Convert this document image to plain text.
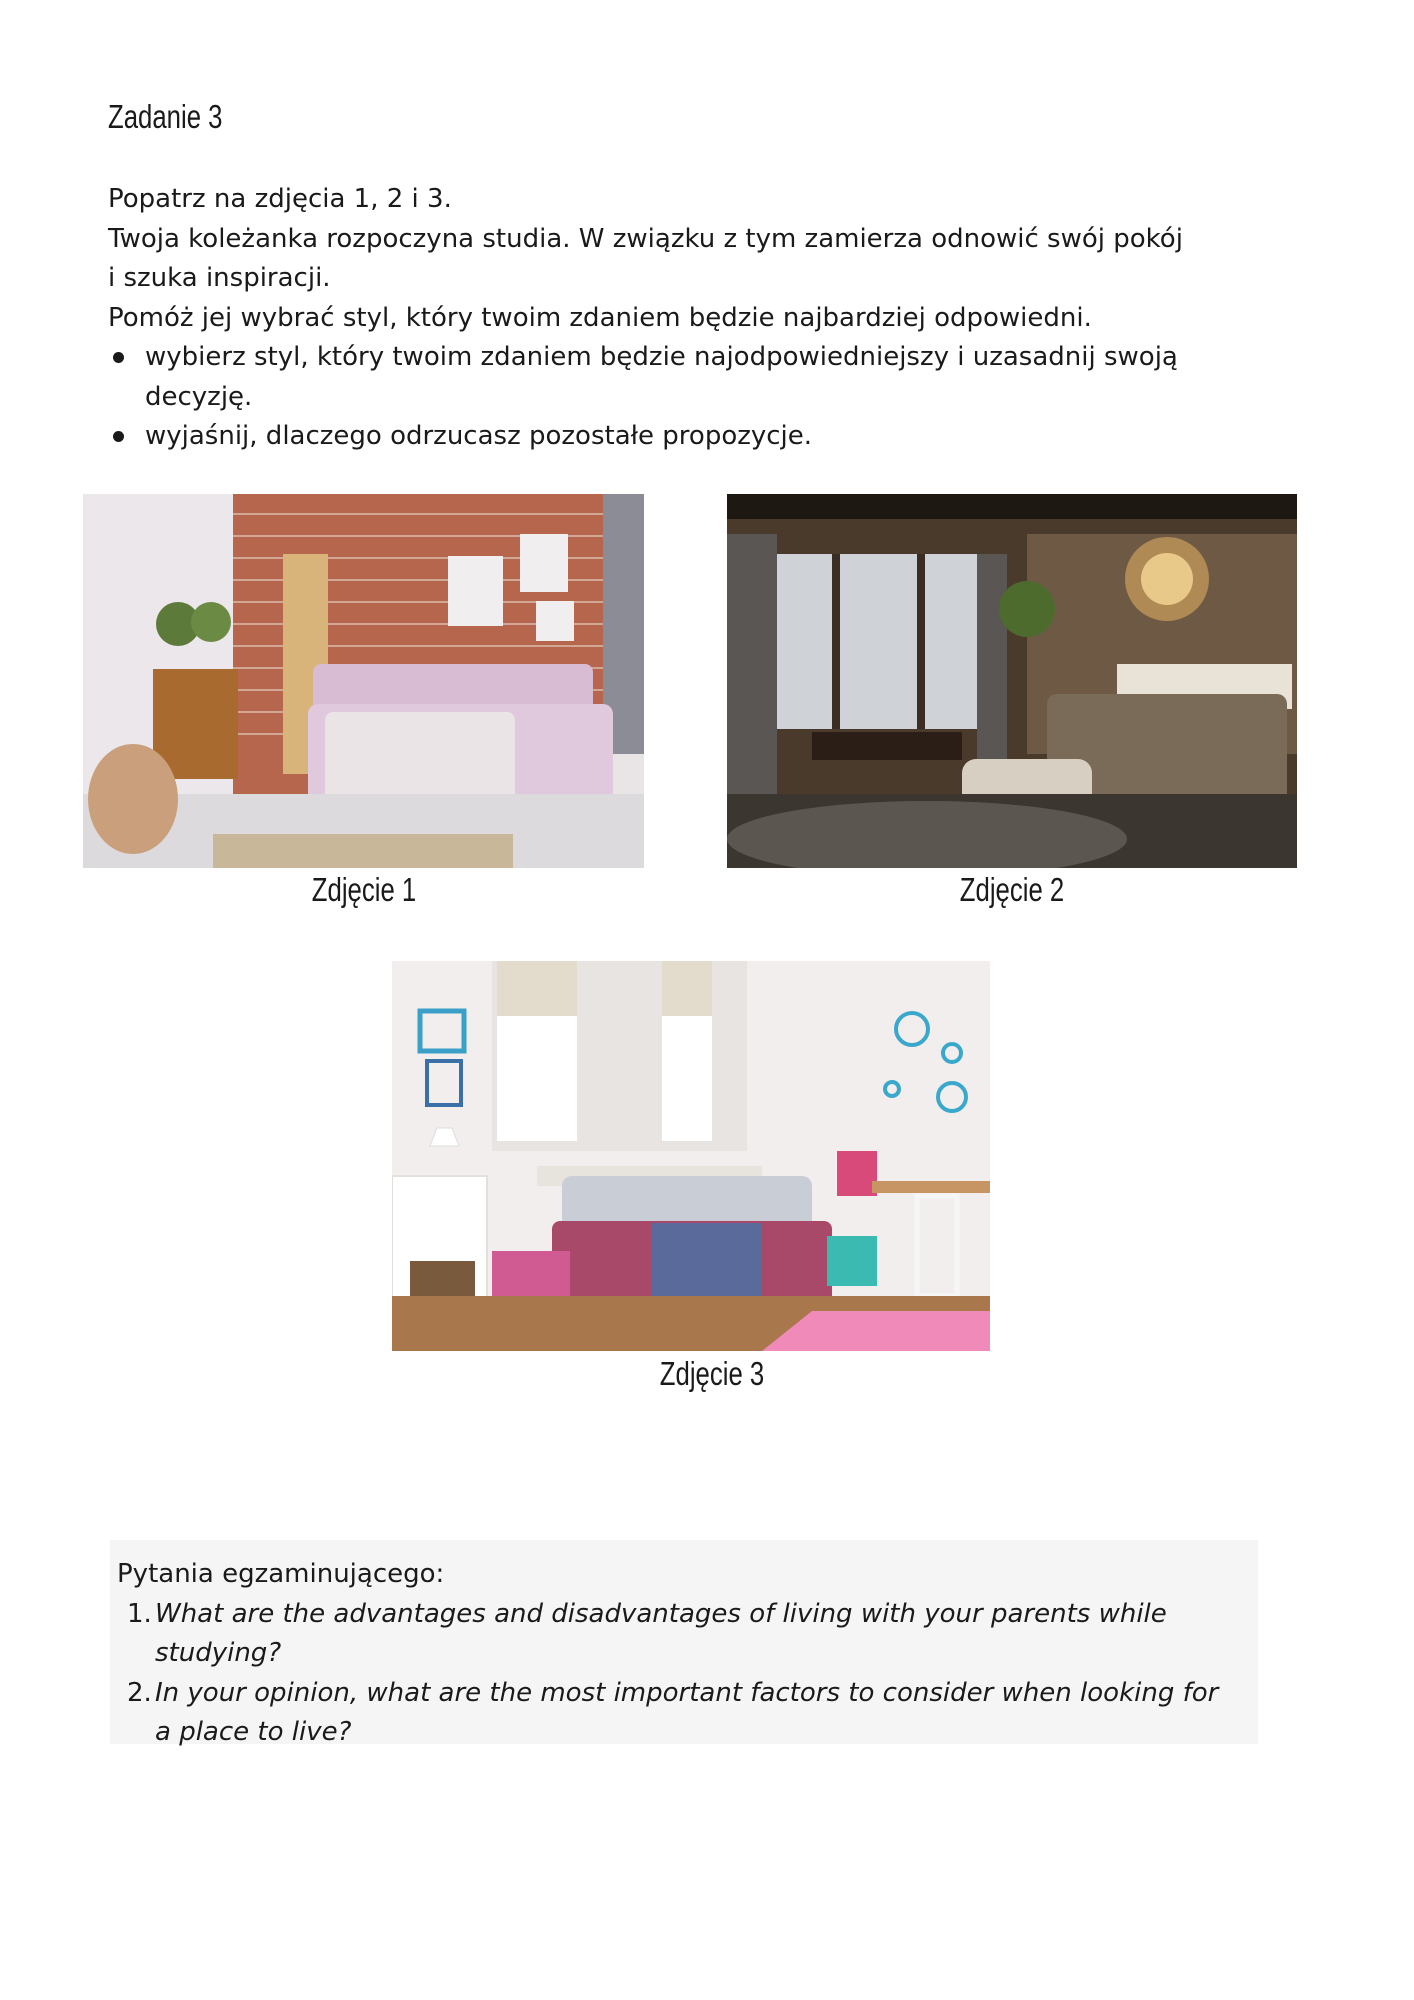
Zadanie 3

Popatrz na zdjęcia 1, 2 i 3.

Twoja koleżanka rozpoczyna studia. W związku z tym zamierza odnowić swój pokój

i szuka inspiracji.

Pomóż jej wybrać styl, który twoim zdaniem będzie najbardziej odpowiedni.

wybierz styl, który twoim zdaniem będzie najodpowiedniejszy i uzasadnij swoją decyzję.
wyjaśnij, dlaczego odrzucasz pozostałe propozycje.
Zdjęcie 1	Zdjęcie 2
Zdjęcie 3

Pytania egzaminującego:

1. What are the advantages and disadvantages of living with your parents while studying?

2. In your opinion, what are the most important factors to consider when looking for

a place to live?
